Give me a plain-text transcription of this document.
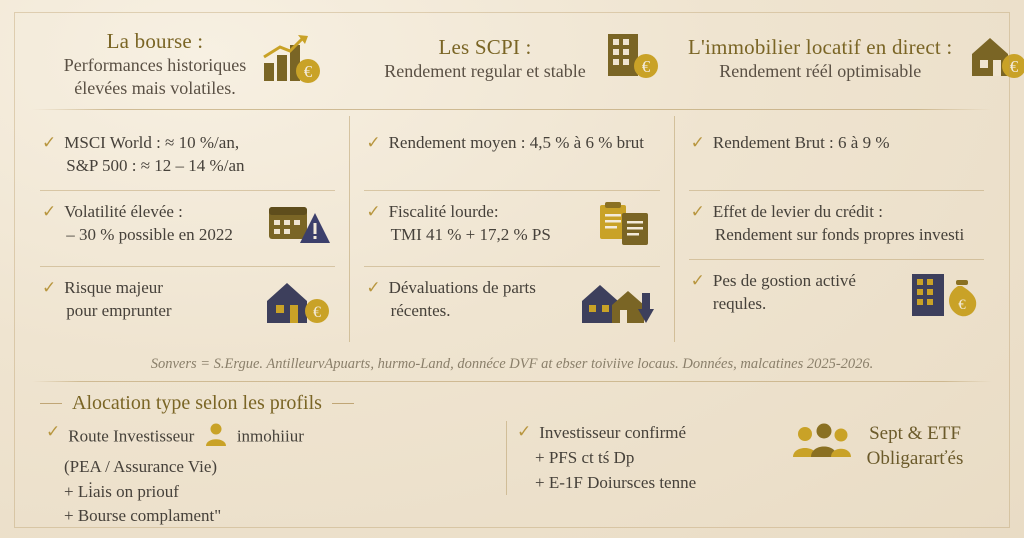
La bourse :
Performances historiques
élevées mais volatiles.
€
Les SCPI :
Rendement regular et stable	€
L'immobilier locatif en direct :
Rendement réél optimisable	€
✓ MSCI World : ≈ 10 %/an,
S&P 500 : ≈ 12 – 14 %/an
✓ Volatilité élevée :
– 30 % possible en 2022
✓ Risque majeur
pour emprunter	€
✓ Rendement moyen : 4,5 % à 6 % brut
✓ Fiscalité lourde:
TMI 41 % + 17,2 % PS
✓ Dévaluations de parts
récentes.
✓ Rendement Brut : 6 à 9 %
✓ Effet de levier du crédit :
Rendement sur fonds propres investi
✓ Pes de gostion activé requles.	€
Sonvers = S.Ergue. AntilleurvApuarts, hurmo-Land, donnéce DVF at ebser toiviive locaus. Données, malcatines 2025-2026.
Alocation type selon les profils
✓ Route Investisseur	inmohiiur
(PEA / Assurance Vie)
+ Li̇ais on priouf
+ Bourse complament"
✓ Investisseur confirmé
+ PFS ct tś Dp
+ E-1F Doiursces tenne
Sept & ETF
Obligararťés
